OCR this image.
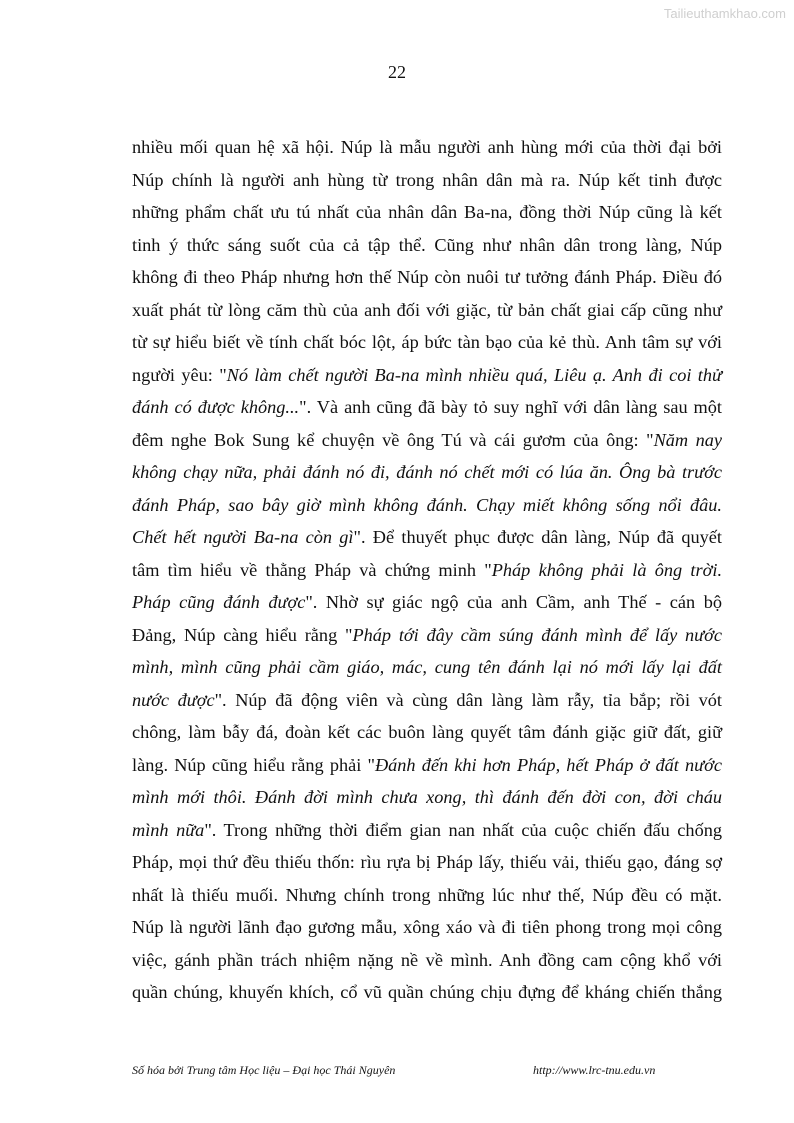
Tailieuthamkhao.com
22
nhiều mối quan hệ xã hội. Núp là mẫu người anh hùng mới của thời đại bởi
Núp chính là người anh hùng từ trong nhân dân mà ra. Núp kết tinh được
những phẩm chất ưu tú nhất của nhân dân Ba-na, đồng thời Núp cũng là kết
tinh ý thức sáng suốt của cả tập thể. Cũng như nhân dân trong làng, Núp
không đi theo Pháp nhưng hơn thế Núp còn nuôi tư tưởng đánh Pháp. Điều đó
xuất phát từ lòng căm thù của anh đối với giặc, từ bản chất giai cấp cũng như
từ sự hiểu biết về tính chất bóc lột, áp bức tàn bạo của kẻ thù. Anh tâm sự với
người yêu: "Nó làm chết người Ba-na mình nhiều quá, Liêu ạ. Anh đi coi thử
đánh có được không...". Và anh cũng đã bày tỏ suy nghĩ với dân làng sau một
đêm nghe Bok Sung kể chuyện về ông Tú và cái gươm của ông: "Năm nay
không chạy nữa, phải đánh nó đi, đánh nó chết mới có lúa ăn. Ông bà trước
đánh Pháp, sao bây giờ mình không đánh. Chạy miết không sống nổi đâu.
Chết hết người Ba-na còn gì". Để thuyết phục được dân làng, Núp đã quyết
tâm tìm hiểu về thằng Pháp và chứng minh "Pháp không phải là ông trời.
Pháp cũng đánh được". Nhờ sự giác ngộ của anh Cầm, anh Thế - cán bộ
Đảng, Núp càng hiểu rằng "Pháp tới đây cầm súng đánh mình để lấy nước
mình, mình cũng phải cầm giáo, mác, cung tên đánh lại nó mới lấy lại đất
nước được". Núp đã động viên và cùng dân làng làm rẫy, tỉa bắp; rồi vót
chông, làm bẫy đá, đoàn kết các buôn làng quyết tâm đánh giặc giữ đất, giữ
làng. Núp cũng hiểu rằng phải "Đánh đến khi hơn Pháp, hết Pháp ở đất nước
mình mới thôi. Đánh đời mình chưa xong, thì đánh đến đời con, đời cháu
mình nữa". Trong những thời điểm gian nan nhất của cuộc chiến đấu chống
Pháp, mọi thứ đều thiếu thốn: rìu rựa bị Pháp lấy, thiếu vải, thiếu gạo, đáng sợ
nhất là thiếu muối. Nhưng chính trong những lúc như thế, Núp đều có mặt.
Núp là người lãnh đạo gương mẫu, xông xáo và đi tiên phong trong mọi công
việc, gánh phần trách nhiệm nặng nề về mình. Anh đồng cam cộng khổ với
quần chúng, khuyến khích, cổ vũ quần chúng chịu đựng để kháng chiến thắng
Số hóa bởi Trung tâm Học liệu – Đại học Thái Nguyên	http://www.lrc-tnu.edu.vn
